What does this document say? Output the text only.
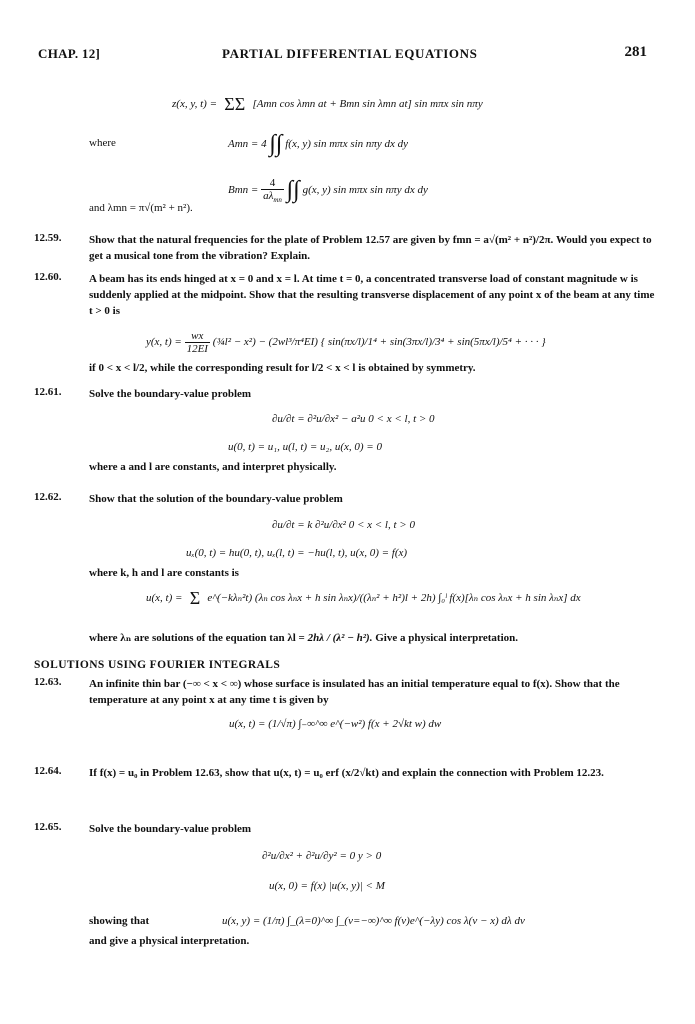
CHAP. 12]	PARTIAL DIFFERENTIAL EQUATIONS	281
z(x, y, t) =  ΣΣ  [Amn cos λmn at + Bmn sin λmn at] sin mπx sin nπy
where	Amn = 4 ∫∫ f(x, y) sin mπx sin nπy dx dy
Bmn = $\frac{4}{a\lambda_{mn}}$ ∫∫ g(x, y) sin mπx sin nπy dx dy
and λmn = π√(m² + n²).
12.59.	Show that the natural frequencies for the plate of Problem 12.57 are given by fmn = a√(m² + n²)/2π. Would you expect to get a musical tone from the vibration? Explain.
12.60.	A beam has its ends hinged at x = 0 and x = l. At time t = 0, a concentrated transverse load of constant magnitude w is suddenly applied at the midpoint. Show that the resulting transverse displacement of any point x of the beam at any time t > 0 is
y(x, $t) = \frac{wx}{12EI}$ (¾l² − x²) − (2wl³/π⁴EI) { sin(πx/l)/1⁴ + sin(3πx/l)/3⁴ + sin(5πx/l)/5⁴ + · · · }
if 0 < x < l/2, while the corresponding result for l/2 < x < l is obtained by symmetry.
12.61.	Solve the boundary-value problem
∂u/∂t = ∂²u/∂x² − a²u 0 < x < l, t > 0
u(0, t) = u₁, u(l, t) = u₂, u(x, 0) = 0
where a and l are constants, and interpret physically.
12.62.	Show that the solution of the boundary-value problem
∂u/∂t = k ∂²u/∂x² 0 < x < l, t > 0
uₓ(0, t) = hu(0, t), uₓ(l, t) = −hu(l, t), u(x, 0) = f(x)
where k, h and l are constants is
u(x, t) =  Σ  e^(−kλₙ²t) (λₙ cos λₙx + h sin λₙx)/((λₙ² + h²)l + 2h) ∫₀ˡ f(x)[λₙ cos λₙx + h sin λₙx] dx
where λₙ are solutions of the equation tan λl = 2hλ / (λ² − h²). Give a physical interpretation.
SOLUTIONS USING FOURIER INTEGRALS
12.63.	An infinite thin bar (−∞ < x < ∞) whose surface is insulated has an initial temperature equal to f(x). Show that the temperature at any point x at any time t is given by
u(x, t) = (1/√π) ∫₋∞^∞ e^(−w²) f(x + 2√kt w) dw
12.64.	If f(x) = u₀ in Problem 12.63, show that u(x, t) = u₀ erf (x/2√kt) and explain the connection with Problem 12.23.
12.65.	Solve the boundary-value problem
∂²u/∂x² + ∂²u/∂y² = 0 y > 0
u(x, 0) = f(x) |u(x, y)| < M
showing that	u(x, y) = (1/π) ∫_(λ=0)^∞ ∫_(v=−∞)^∞ f(v)e^(−λy) cos λ(v − x) dλ dv
and give a physical interpretation.
